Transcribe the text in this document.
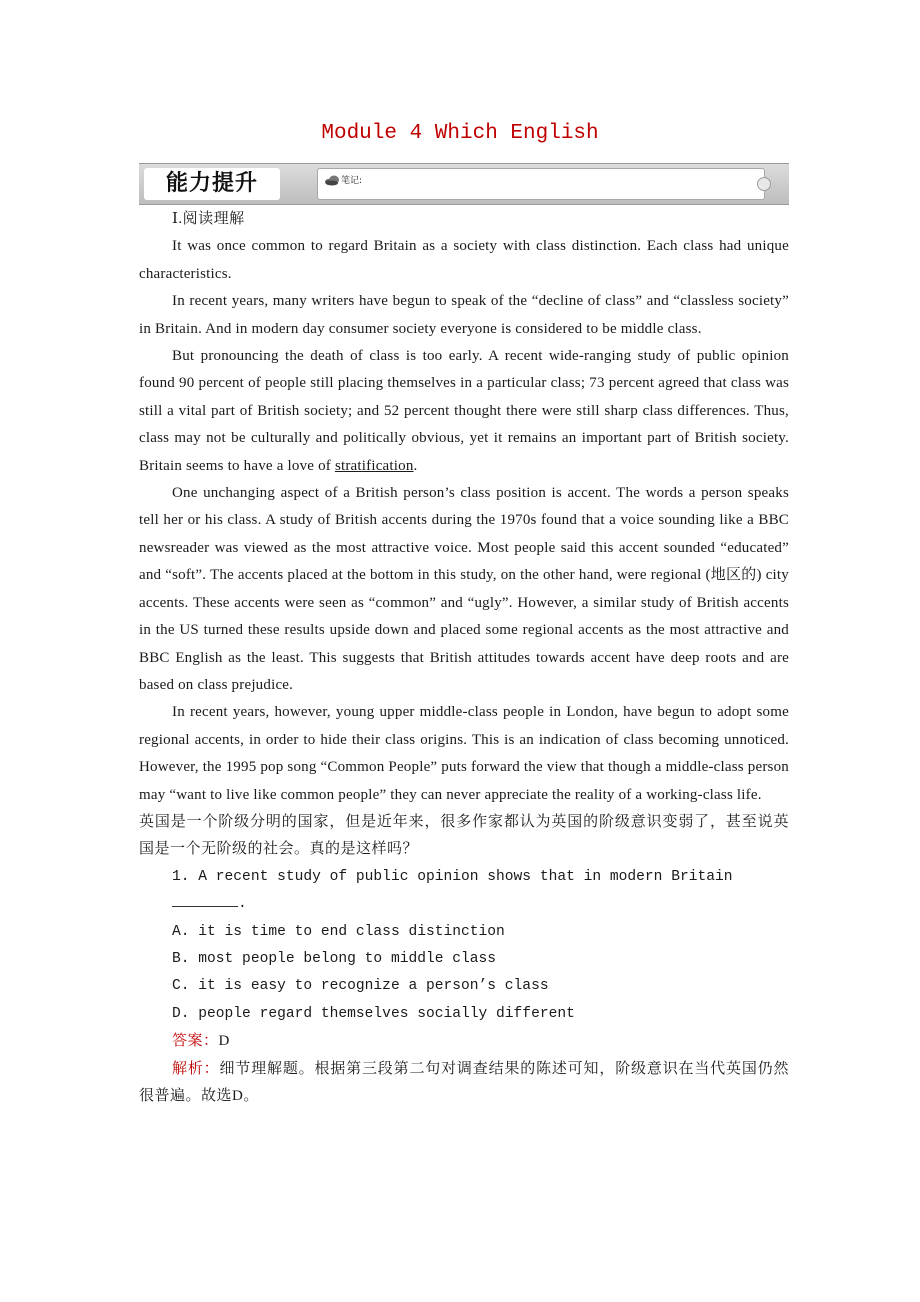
Module 4 Which English
能力提升	笔记:

Ⅰ.阅读理解

It was once common to regard Britain as a society with class distinction. Each class had unique characteristics.

In recent years, many writers have begun to speak of the “decline of class” and “classless society” in Britain. And in modern day consumer society everyone is considered to be middle class.

But pronouncing the death of class is too early. A recent wide-ranging study of public opinion found 90 percent of people still placing themselves in a particular class; 73 percent agreed that class was still a vital part of British society; and 52 percent thought there were still sharp class differences. Thus, class may not be culturally and politically obvious, yet it remains an important part of British society. Britain seems to have a love of stratification.

One unchanging aspect of a British person’s class position is accent. The words a person speaks tell her or his class. A study of British accents during the 1970s found that a voice sounding like a BBC newsreader was viewed as the most attractive voice. Most people said this accent sounded “educated” and “soft”. The accents placed at the bottom in this study, on the other hand, were regional (地区的) city accents. These accents were seen as “common” and “ugly”. However, a similar study of British accents in the US turned these results upside down and placed some regional accents as the most attractive and BBC English as the least. This suggests that British attitudes towards accent have deep roots and are based on class prejudice.

In recent years, however, young upper middle-class people in London, have begun to adopt some regional accents, in order to hide their class origins. This is an indication of class becoming unnoticed. However, the 1995 pop song “Common People” puts forward the view that though a middle-class person may “want to live like common people” they can never appreciate the reality of a working-class life.

英国是一个阶级分明的国家，但是近年来，很多作家都认为英国的阶级意识变弱了，甚至说英国是一个无阶级的社会。真的是这样吗？

1. A recent study of public opinion shows that in modern Britain .

A. it is time to end class distinction

B. most people belong to middle class

C. it is easy to recognize a person’s class

D. people regard themselves socially different

答案：D

解析：细节理解题。根据第三段第二句对调查结果的陈述可知，阶级意识在当代英国仍然很普遍。故选D。
